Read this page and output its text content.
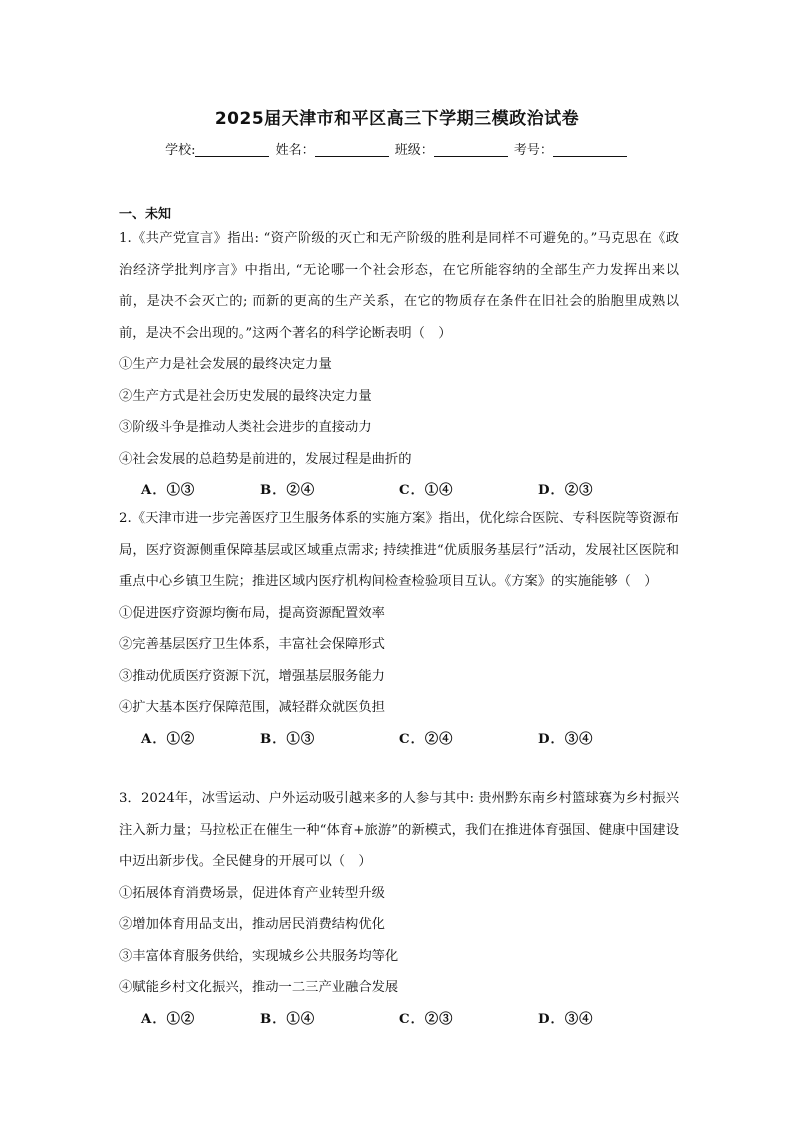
2025届天津市和平区高三下学期三模政治试卷
学校:	姓名：	班级：	考号：
一、未知

1.《共产党宣言》指出: “资产阶级的灭亡和无产阶级的胜利是同样不可避免的。”马克思在《政治经济学批判序言》中指出, “无论哪一个社会形态，在它所能容纳的全部生产力发挥出来以前，是决不会灭亡的; 而新的更高的生产关系，在它的物质存在条件在旧社会的胎胞里成熟以前，是决不会出现的。”这两个著名的科学论断表明（　）

①生产力是社会发展的最终决定力量

②生产方式是社会历史发展的最终决定力量

③阶级斗争是推动人类社会进步的直接动力

④社会发展的总趋势是前进的，发展过程是曲折的

A．①③	B．②④	C．①④	D．②③

2.《天津市进一步完善医疗卫生服务体系的实施方案》指出，优化综合医院、专科医院等资源布局，医疗资源侧重保障基层或区域重点需求; 持续推进“优质服务基层行”活动，发展社区医院和重点中心乡镇卫生院；推进区域内医疗机构间检查检验项目互认。《方案》的实施能够（　）

①促进医疗资源均衡布局，提高资源配置效率

②完善基层医疗卫生体系，丰富社会保障形式

③推动优质医疗资源下沉，增强基层服务能力

④扩大基本医疗保障范围，减轻群众就医负担

A．①②	B．①③	C．②④	D．③④

3．2024年，冰雪运动、户外运动吸引越来多的人参与其中: 贵州黔东南乡村篮球赛为乡村振兴注入新力量；马拉松正在催生一种“体育+旅游”的新模式，我们在推进体育强国、健康中国建设中迈出新步伐。全民健身的开展可以（　）

①拓展体育消费场景，促进体育产业转型升级

②增加体育用品支出，推动居民消费结构优化

③丰富体育服务供给，实现城乡公共服务均等化

④赋能乡村文化振兴，推动一二三产业融合发展

A．①②	B．①④	C．②③	D．③④
